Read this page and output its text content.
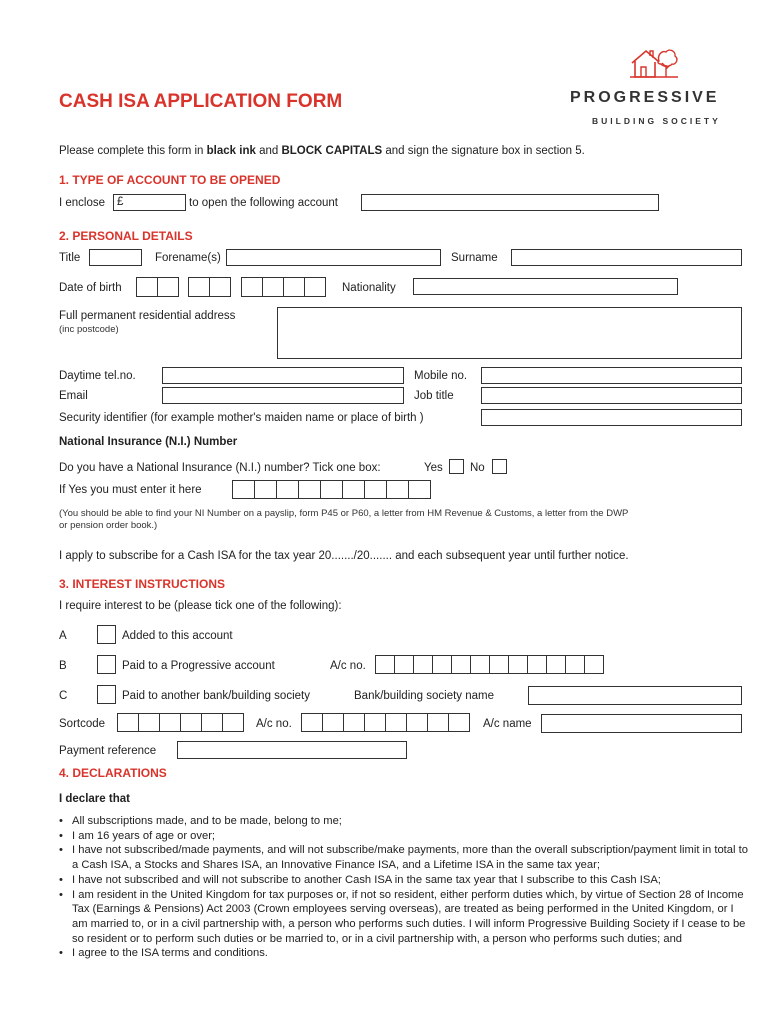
CASH ISA APPLICATION FORM	PROGRESSIVE
BUILDING SOCIETY
Please complete this form in black ink and BLOCK CAPITALS and sign the signature box in section 5.
1. TYPE OF ACCOUNT TO BE OPENED
I enclose £	to open the following account
2. PERSONAL DETAILS
Title	Forename(s)	Surname
Date of birth	Nationality
Full permanent residential address
(inc postcode)
Daytime tel.no.	Mobile no.
Email	Job title
Security identifier (for example mother's maiden name or place of birth )
National Insurance (N.I.) Number
Do you have a National Insurance (N.I.) number? Tick one box:	Yes No
If Yes you must enter it here
(You should be able to find your NI Number on a payslip, form P45 or P60, a letter from HM Revenue & Customs, a letter from the DWP
or pension order book.)
I apply to subscribe for a Cash ISA for the tax year 20......./20....... and each subsequent year until further notice.
3. INTEREST INSTRUCTIONS
I require interest to be (please tick one of the following):
A	Added to this account
B	Paid to a Progressive account	A/c no.
C	Paid to another bank/building society	Bank/building society name
Sortcode	A/c no.	A/c name
Payment reference
4. DECLARATIONS
I declare that
• All subscriptions made, and to be made, belong to me;
• I am 16 years of age or over;
• I have not subscribed/made payments, and will not subscribe/make payments, more than the overall subscription/payment limit in total to a Cash ISA, a Stocks and Shares ISA, an Innovative Finance ISA, and a Lifetime ISA in the same tax year;
• I have not subscribed and will not subscribe to another Cash ISA in the same tax year that I subscribe to this Cash ISA;
• I am resident in the United Kingdom for tax purposes or, if not so resident, either perform duties which, by virtue of Section 28 of Income Tax (Earnings & Pensions) Act 2003 (Crown employees serving overseas), are treated as being performed in the United Kingdom, or I am married to, or in a civil partnership with, a person who performs such duties. I will inform Progressive Building Society if I cease to be so resident or to perform such duties or be married to, or in a civil partnership with, a person who performs such duties; and
• I agree to the ISA terms and conditions.
